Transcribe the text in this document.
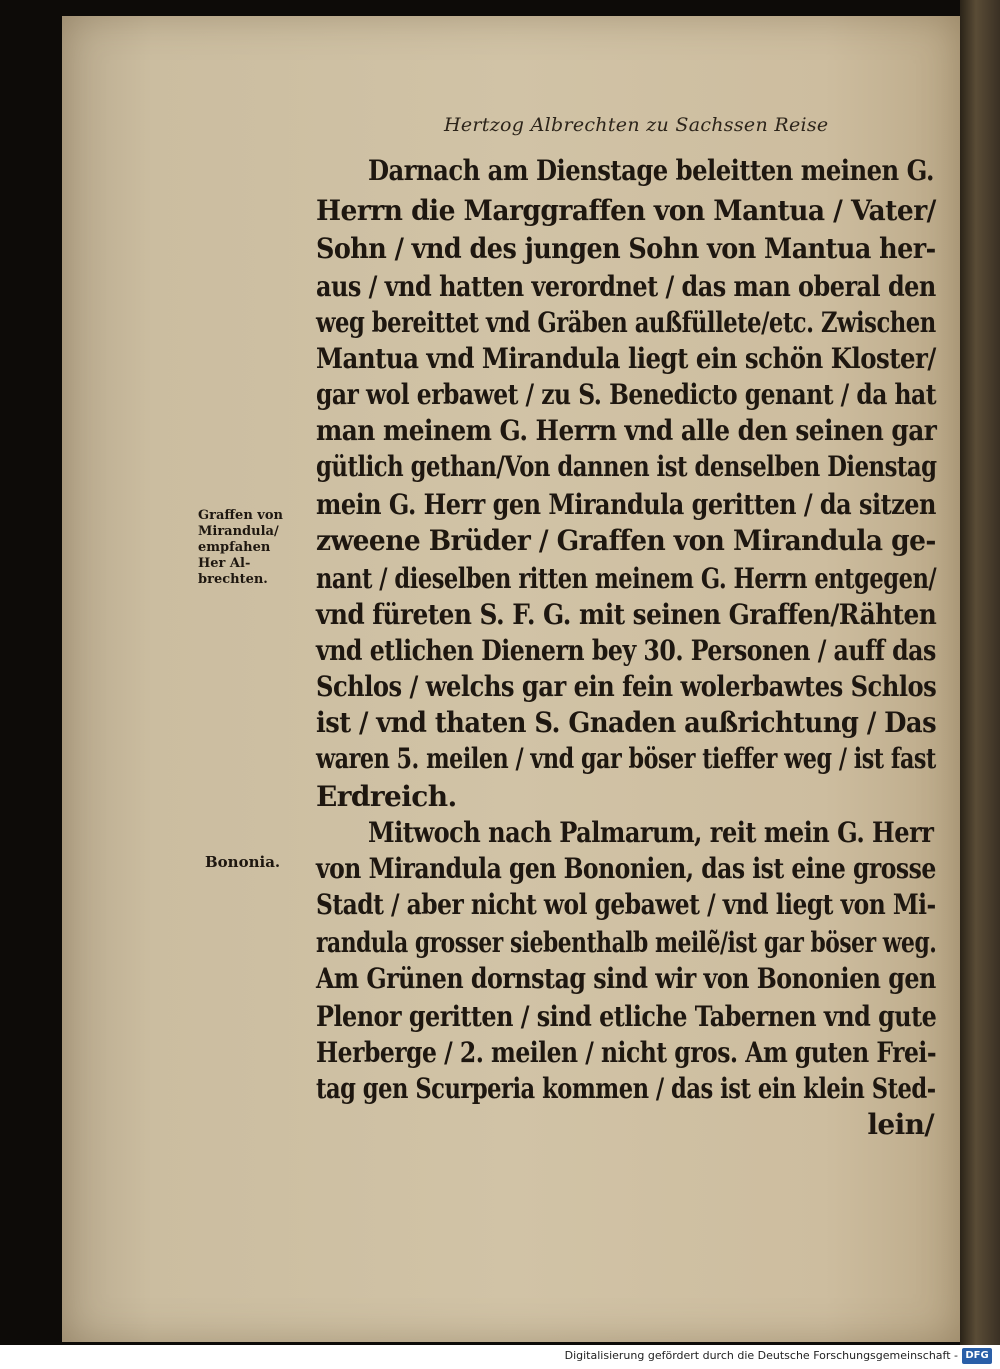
Hertzog Albrechten zu Sachssen Reise
Darnach am Dienstage beleitten meinen G.
Herrn die Marggraffen von Mantua / Vater/
Sohn / vnd des jungen Sohn von Mantua her-
aus / vnd hatten verordnet / das man oberal den
weg bereittet vnd Gräben außfüllete/etc. Zwischen
Mantua vnd Mirandula liegt ein schön Kloster/
gar wol erbawet / zu S. Benedicto genant / da hat
man meinem G. Herrn vnd alle den seinen gar
gütlich gethan/Von dannen ist denselben Dienstag
mein G. Herr gen Mirandula geritten / da sitzen
zweene Brüder / Graffen von Mirandula ge-
nant / dieselben ritten meinem G. Herrn entgegen/
vnd füreten S. F. G. mit seinen Graffen/Rähten
vnd etlichen Dienern bey 30. Personen / auff das
Schlos / welchs gar ein fein wolerbawtes Schlos
ist / vnd thaten S. Gnaden außrichtung / Das
waren 5. meilen / vnd gar böser tieffer weg / ist fast
Erdreich.
Mitwoch nach Palmarum, reit mein G. Herr
von Mirandula gen Bononien, das ist eine grosse
Stadt / aber nicht wol gebawet / vnd liegt von Mi-
randula grosser siebenthalb meilẽ/ist gar böser weg.
Am Grünen dornstag sind wir von Bononien gen
Plenor geritten / sind etliche Tabernen vnd gute
Herberge / 2. meilen / nicht gros. Am guten Frei-
tag gen Scurperia kommen / das ist ein klein Sted-
lein/
Graffen von
Mirandula/
empfahen
Her Al-
brechten.
Bononia.
Digitalisierung gefördert durch die Deutsche Forschungsgemeinschaft - DFG
